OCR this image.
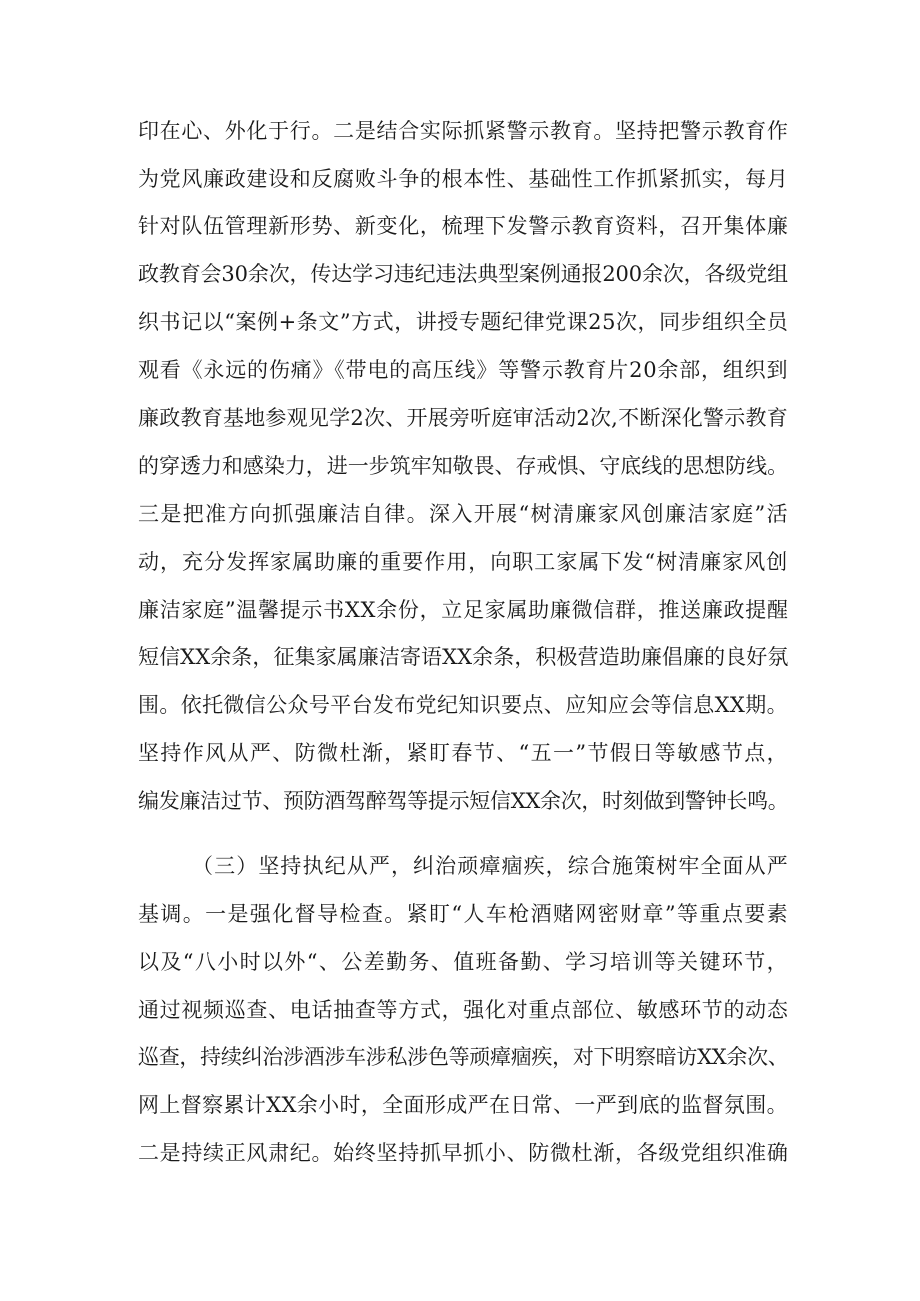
印在心、外化于行。二是结合实际抓紧警示教育。坚持把警示教育作
为党风廉政建设和反腐败斗争的根本性、基础性工作抓紧抓实，每月
针对队伍管理新形势、新变化，梳理下发警示教育资料，召开集体廉
政教育会30余次，传达学习违纪违法典型案例通报200余次，各级党组
织书记以“案例+条文”方式，讲授专题纪律党课25次，同步组织全员
观看《永远的伤痛》《带电的高压线》等警示教育片20余部，组织到
廉政教育基地参观见学2次、开展旁听庭审活动2次,不断深化警示教育
的穿透力和感染力，进一步筑牢知敬畏、存戒惧、守底线的思想防线。
三是把准方向抓强廉洁自律。深入开展“树清廉家风创廉洁家庭”活
动，充分发挥家属助廉的重要作用，向职工家属下发“树清廉家风创
廉洁家庭”温馨提示书XX余份，立足家属助廉微信群，推送廉政提醒
短信XX余条，征集家属廉洁寄语XX余条，积极营造助廉倡廉的良好氛
围。依托微信公众号平台发布党纪知识要点、应知应会等信息XX期。
坚持作风从严、防微杜渐，紧盯春节、“五一”节假日等敏感节点，
编发廉洁过节、预防酒驾醉驾等提示短信XX余次，时刻做到警钟长鸣。
（三）坚持执纪从严，纠治顽瘴痼疾，综合施策树牢全面从严
基调。一是强化督导检查。紧盯“人车枪酒赌网密财章”等重点要素
以及“八小时以外“、公差勤务、值班备勤、学习培训等关键环节，
通过视频巡查、电话抽查等方式，强化对重点部位、敏感环节的动态
巡查，持续纠治涉酒涉车涉私涉色等顽瘴痼疾，对下明察暗访XX余次、
网上督察累计XX余小时，全面形成严在日常、一严到底的监督氛围。
二是持续正风肃纪。始终坚持抓早抓小、防微杜渐，各级党组织准确
